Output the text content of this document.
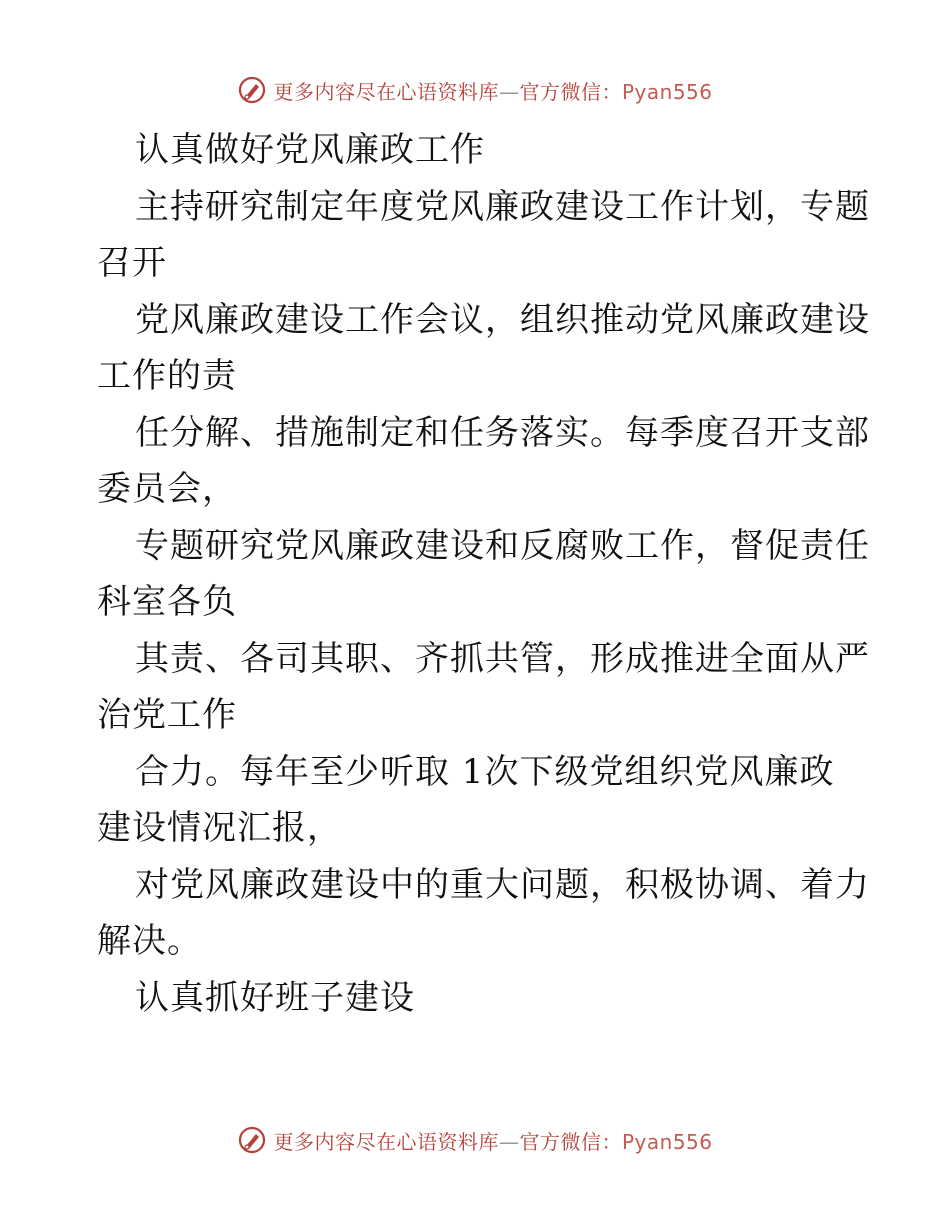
更多内容尽在心语资料库—官方微信：Pyan556
认真做好党风廉政工作
主持研究制定年度党风廉政建设工作计划，专题
召开
党风廉政建设工作会议，组织推动党风廉政建设
工作的责
任分解、措施制定和任务落实。每季度召开支部
委员会，
专题研究党风廉政建设和反腐败工作，督促责任
科室各负
其责、各司其职、齐抓共管，形成推进全面从严
治党工作
合力。每年至少听取 1次下级党组织党风廉政
建设情况汇报，
对党风廉政建设中的重大问题，积极协调、着力
解决。
认真抓好班子建设
更多内容尽在心语资料库—官方微信：Pyan556
